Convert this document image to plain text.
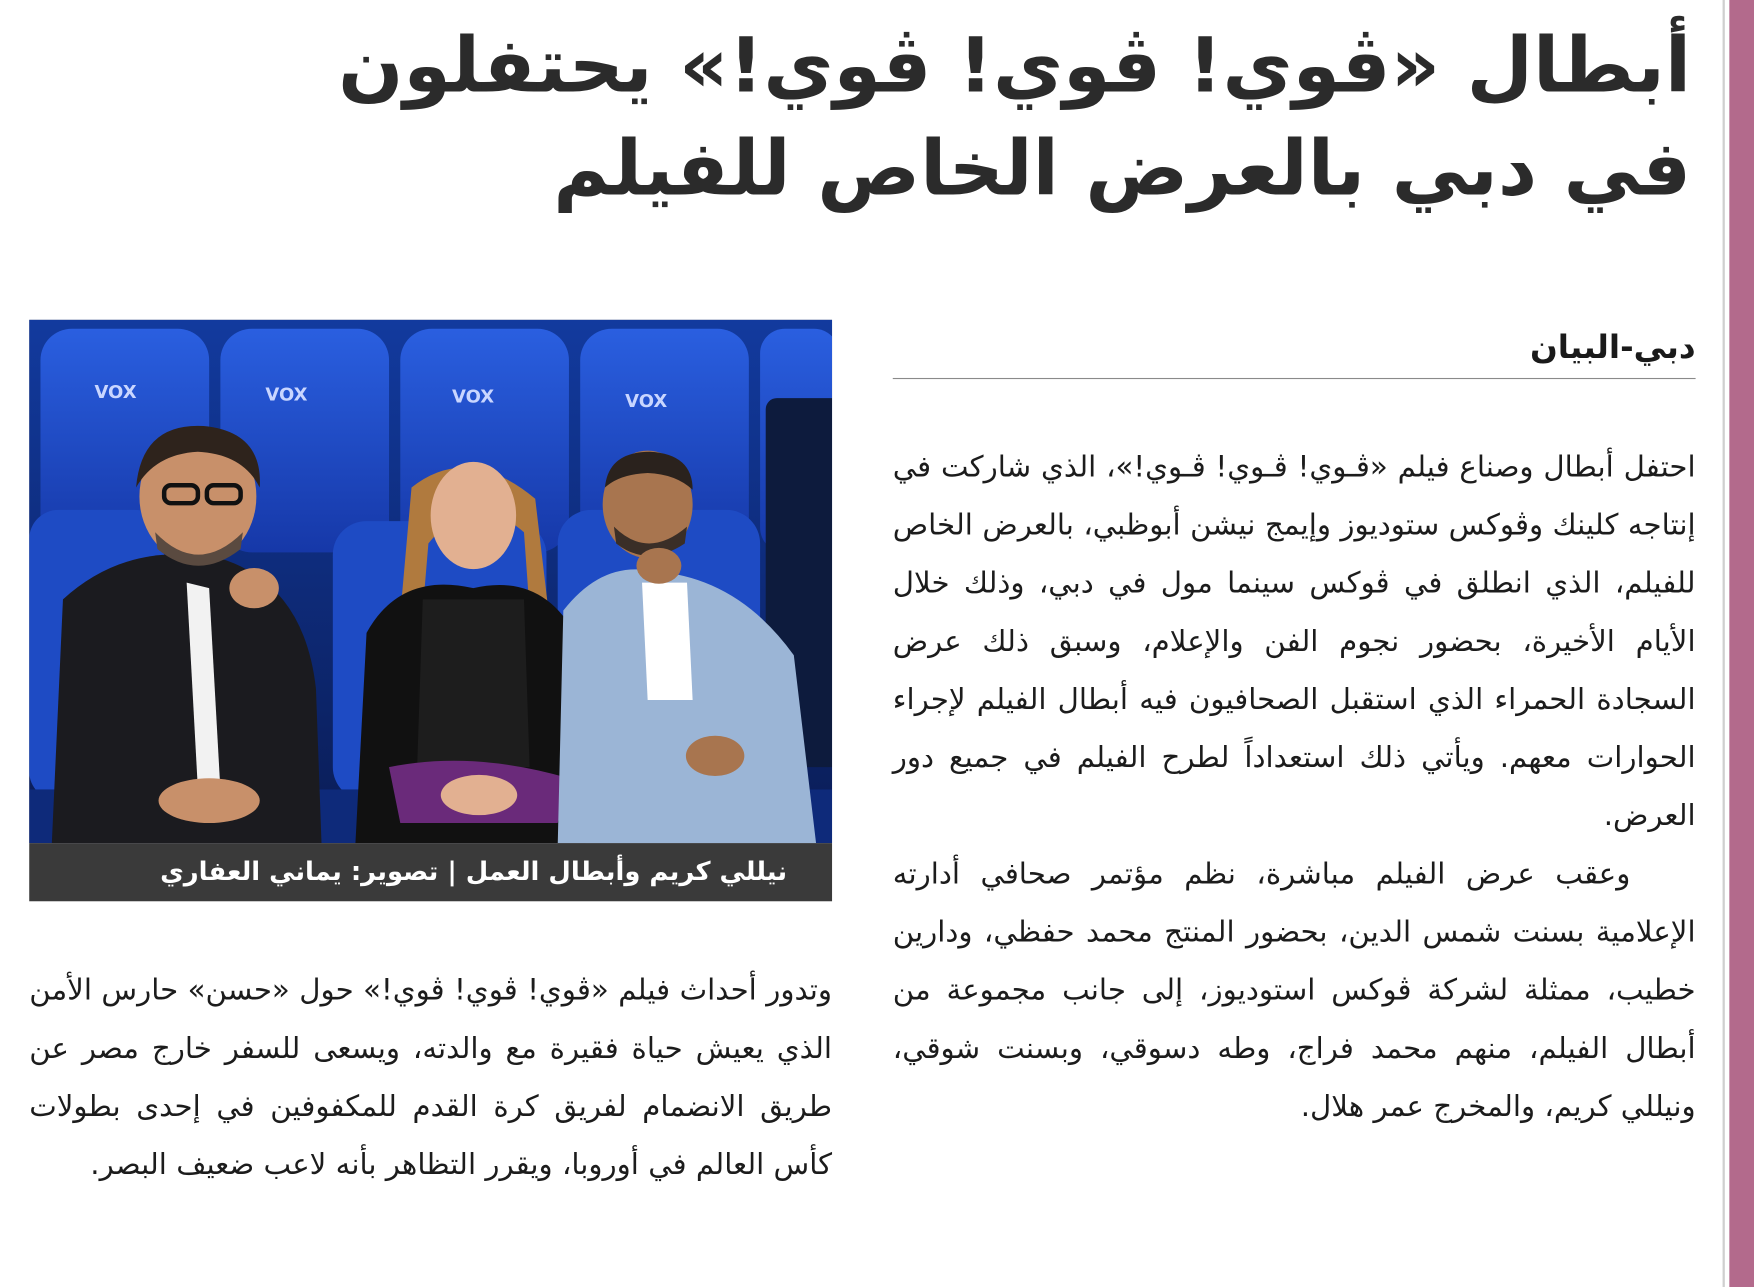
أبطال «ڤوي! ڤوي! ڤوي!» يحتفلون في دبي بالعرض الخاص للفيلم
دبي-البيان

احتفل أبطال وصناع فيلم «ڤـوي! ڤـوي! ڤـوي!»، الذي شاركت في إنتاجه كلينك وڤوكس ستوديوز وإيمج نيشن أبوظبي، بالعرض الخاص للفيلم، الذي انطلق في ڤوكس سينما مول في دبي، وذلك خلال الأيام الأخيرة، بحضور نجوم الفن والإعلام، وسبق ذلك عرض السجادة الحمراء الذي استقبل الصحافيون فيه أبطال الفيلم لإجراء الحوارات معهم. ويأتي ذلك استعداداً لطرح الفيلم في جميع دور العرض.

وعقب عرض الفيلم مباشرة، نظم مؤتمر صحافي أدارته الإعلامية بسنت شمس الدين، بحضور المنتج محمد حفظي، ودارين خطيب، ممثلة لشركة ڤوكس استوديوز، إلى جانب مجموعة من أبطال الفيلم، منهم محمد فراج، وطه دسوقي، وبسنت شوقي، ونيللي كريم، والمخرج عمر هلال.

VOX	VOX	VOX	VOX
نيللي كريم وأبطال العمل | تصوير: يماني العفاري

وتدور أحداث فيلم «ڤوي! ڤوي! ڤوي!» حول «حسن» حارس الأمن الذي يعيش حياة فقيرة مع والدته، ويسعى للسفر خارج مصر عن طريق الانضمام لفريق كرة القدم للمكفوفين في إحدى بطولات كأس العالم في أوروبا، ويقرر التظاهر بأنه لاعب ضعيف البصر.
